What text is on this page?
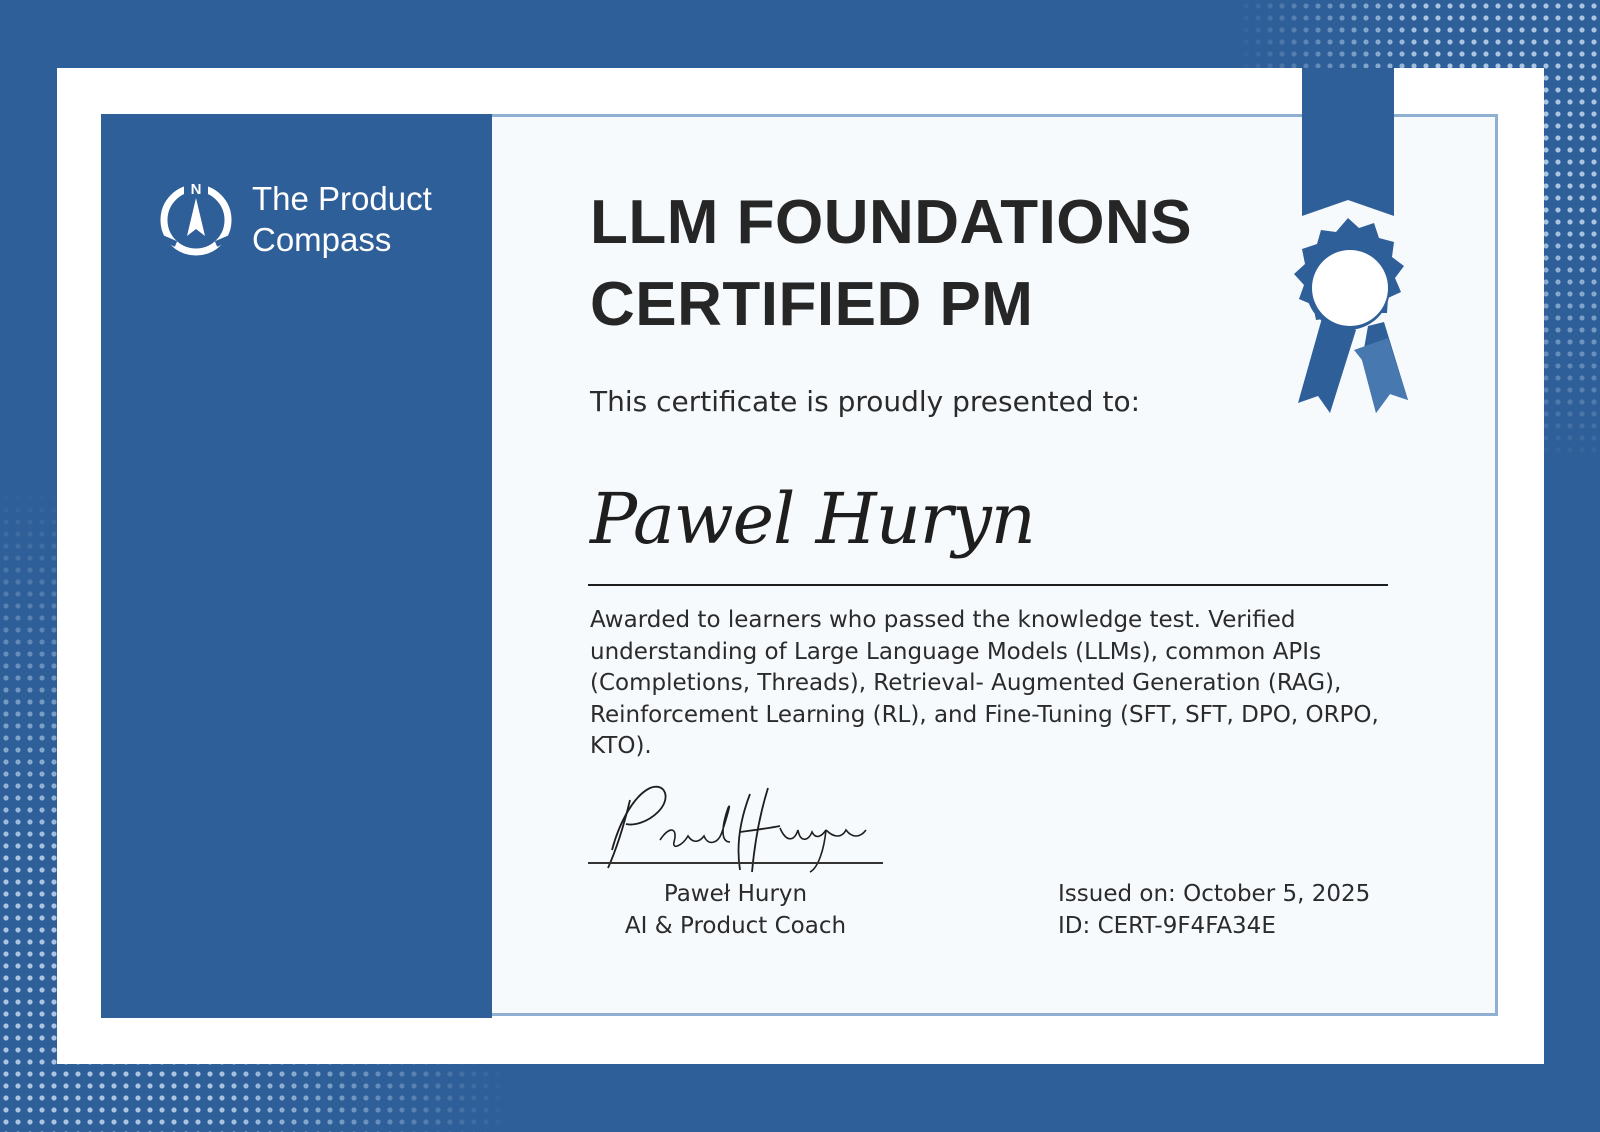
N The Product
Compass	LLM FOUNDATIONS
CERTIFIED PM
This certificate is proudly presented to:
Pawel Huryn
Awarded to learners who passed the knowledge test. Verified understanding of Large Language Models (LLMs), common APIs (Completions, Threads), Retrieval- Augmented Generation (RAG), Reinforcement Learning (RL), and Fine-Tuning (SFT, SFT, DPO, ORPO, KTO).
Paweł Huryn
AI & Product Coach
Issued on: October 5, 2025
ID: CERT-9F4FA34E
